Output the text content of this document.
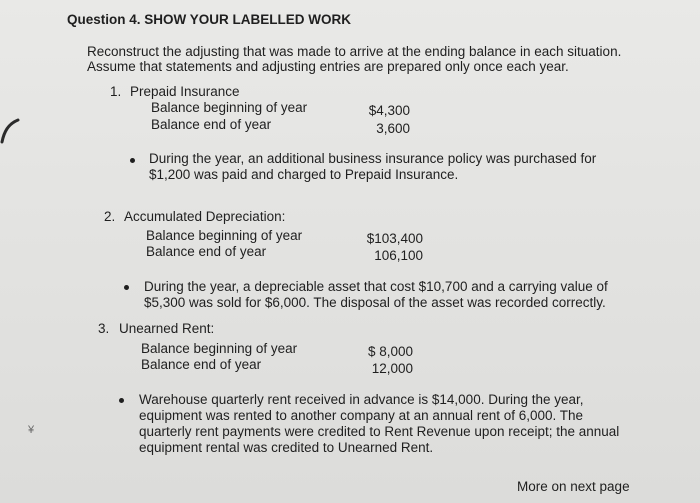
Question 4. SHOW YOUR LABELLED WORK
Reconstruct the adjusting that was made to arrive at the ending balance in each situation.
Assume that statements and adjusting entries are prepared only once each year.
1. Prepaid Insurance
Balance beginning of year	$4,300
Balance end of year	3,600
During the year, an additional business insurance policy was purchased for
$1,200 was paid and charged to Prepaid Insurance.
2. Accumulated Depreciation:
Balance beginning of year	$103,400
Balance end of year	106,100
During the year, a depreciable asset that cost $10,700 and a carrying value of
$5,300 was sold for $6,000. The disposal of the asset was recorded correctly.
3. Unearned Rent:
Balance beginning of year	$ 8,000
Balance end of year	12,000
Warehouse quarterly rent received in advance is $14,000. During the year,
equipment was rented to another company at an annual rent of 6,000. The
quarterly rent payments were credited to Rent Revenue upon receipt; the annual
equipment rental was credited to Unearned Rent.
¥
More on next page
